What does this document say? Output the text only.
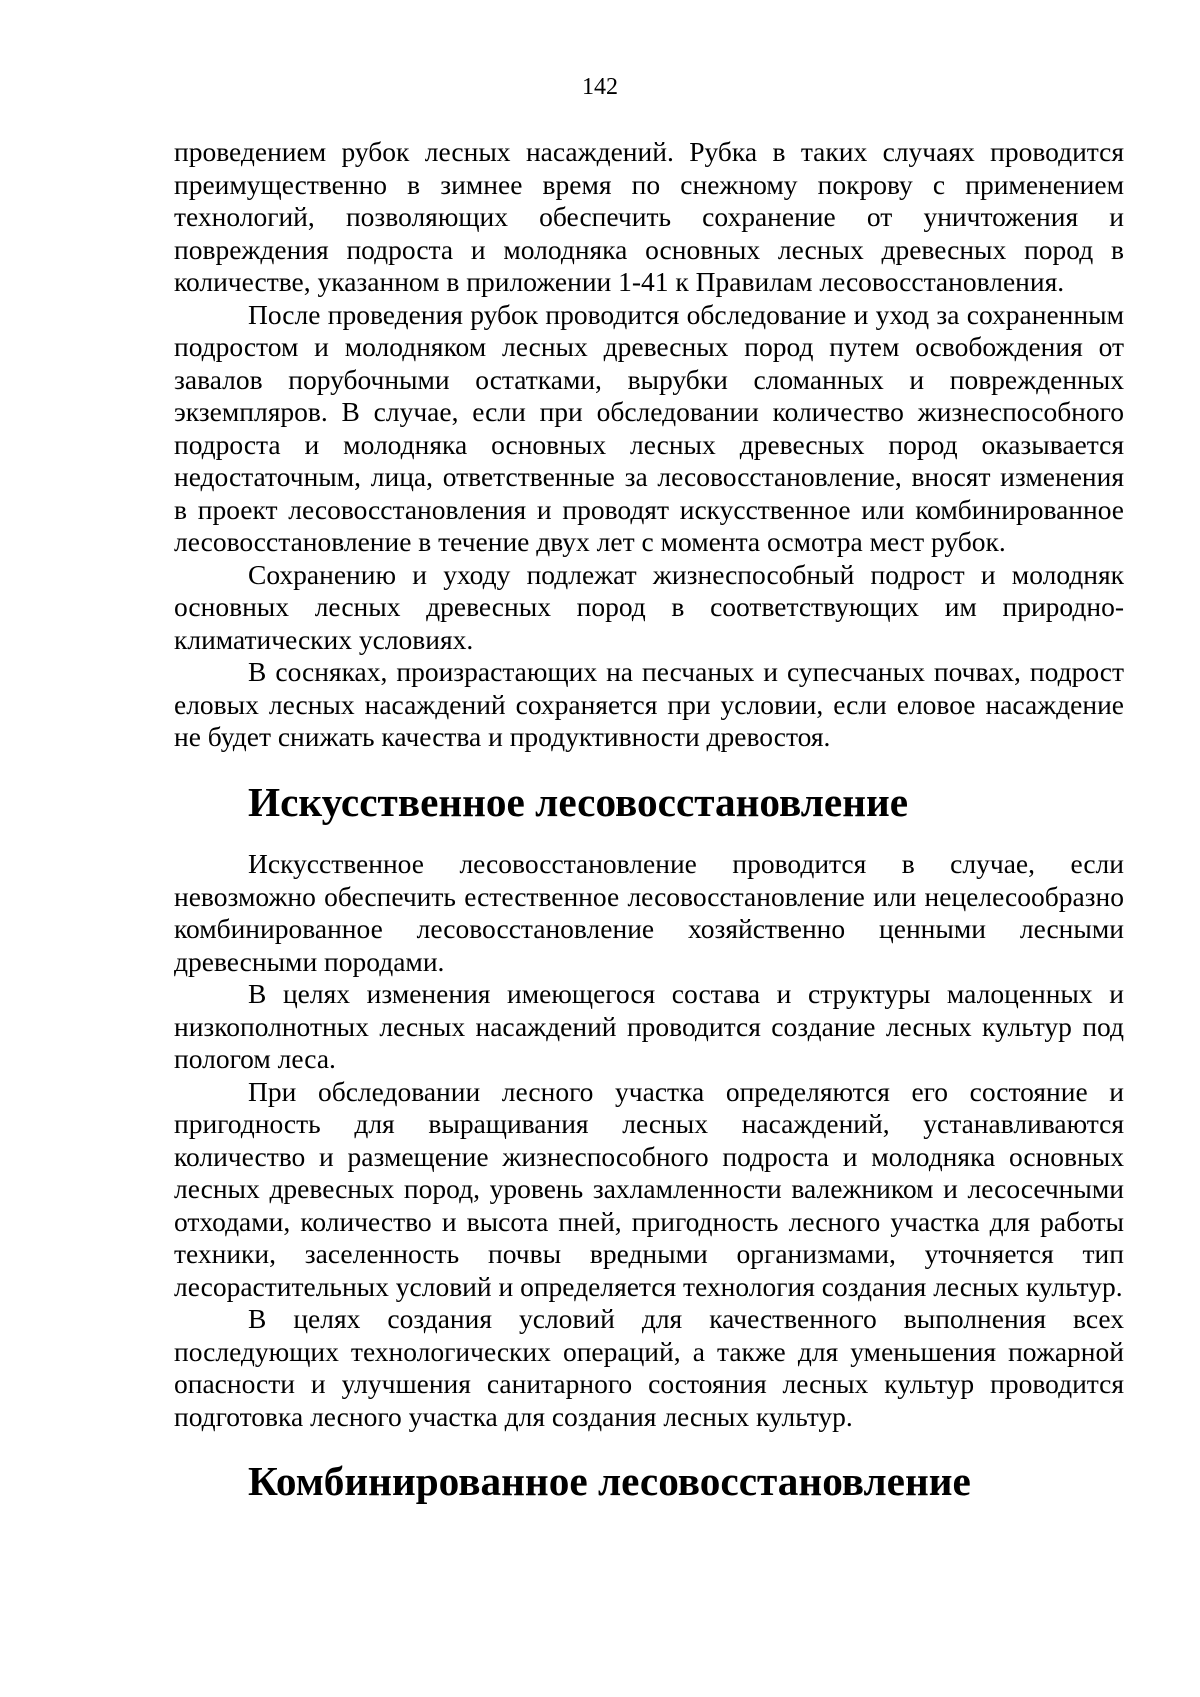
142

проведением рубок лесных насаждений. Рубка в таких случаях проводится преимущественно в зимнее время по снежному покрову с применением технологий, позволяющих обеспечить сохранение от уничтожения и повреждения подроста и молодняка основных лесных древесных пород в количестве, указанном в приложении 1-41 к Правилам лесовосстановления.

После проведения рубок проводится обследование и уход за сохраненным подростом и молодняком лесных древесных пород путем освобождения от завалов порубочными остатками, вырубки сломанных и поврежденных экземпляров. В случае, если при обследовании количество жизнеспособного подроста и молодняка основных лесных древесных пород оказывается недостаточным, лица, ответственные за лесовосстановление, вносят изменения в проект лесовосстановления и проводят искусственное или комбинированное лесовосстановление в течение двух лет с момента осмотра мест рубок.

Сохранению и уходу подлежат жизнеспособный подрост и молодняк основных лесных древесных пород в соответствующих им природно-климатических условиях.

В сосняках, произрастающих на песчаных и супесчаных почвах, подрост еловых лесных насаждений сохраняется при условии, если еловое насаждение не будет снижать качества и продуктивности древостоя.

Искусственное лесовосстановление

Искусственное лесовосстановление проводится в случае, если невозможно обеспечить естественное лесовосстановление или нецелесообразно комбинированное лесовосстановление хозяйственно ценными лесными древесными породами.

В целях изменения имеющегося состава и структуры малоценных и низкополнотных лесных насаждений проводится создание лесных культур под пологом леса.

При обследовании лесного участка определяются его состояние и пригодность для выращивания лесных насаждений, устанавливаются количество и размещение жизнеспособного подроста и молодняка основных лесных древесных пород, уровень захламленности валежником и лесосечными отходами, количество и высота пней, пригодность лесного участка для работы техники, заселенность почвы вредными организмами, уточняется тип лесорастительных условий и определяется технология создания лесных культур.

В целях создания условий для качественного выполнения всех последующих технологических операций, а также для уменьшения пожарной опасности и улучшения санитарного состояния лесных культур проводится подготовка лесного участка для создания лесных культур.

Комбинированное лесовосстановление
